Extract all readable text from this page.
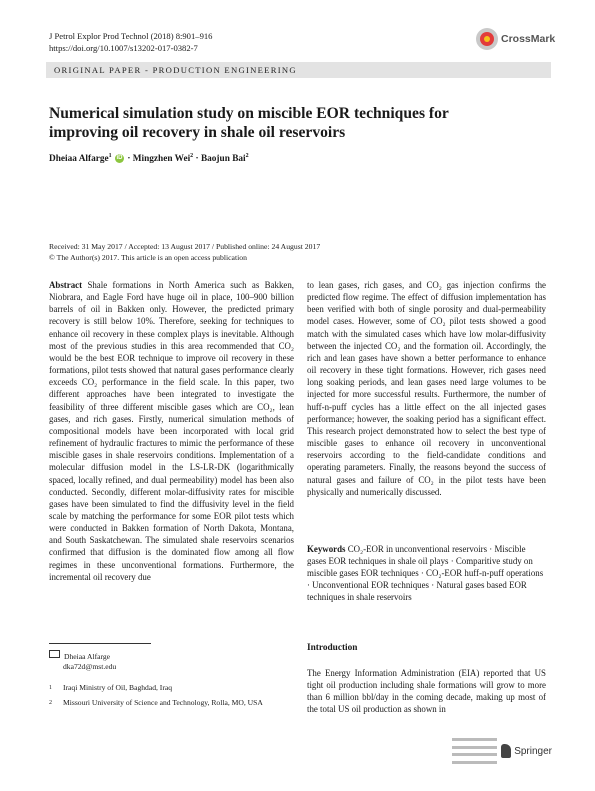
J Petrol Explor Prod Technol (2018) 8:901–916
https://doi.org/10.1007/s13202-017-0382-7
CrossMark
ORIGINAL PAPER - PRODUCTION ENGINEERING
Numerical simulation study on miscible EOR techniques for improving oil recovery in shale oil reservoirs
Dheiaa Alfarge$^1$ iD · Mingzhen Wei$^2$ · Baojun Bai$^2$
Received: 31 May 2017 / Accepted: 13 August 2017 / Published online: 24 August 2017
© The Author(s) 2017. This article is an open access publication

Abstract Shale formations in North America such as Bakken, Niobrara, and Eagle Ford have huge oil in place, 100–900 billion barrels of oil in Bakken only. However, the predicted primary recovery is still below 10%. Therefore, seeking for techniques to enhance oil recovery in these complex plays is inevitable. Although most of the previous studies in this area recommended that CO₂ would be the best EOR technique to improve oil recovery in these formations, pilot tests showed that natural gases performance clearly exceeds CO₂ performance in the field scale. In this paper, two different approaches have been integrated to investigate the feasibility of three different miscible gases which are CO₂, lean gases, and rich gases. Firstly, numerical simulation methods of compositional models have been incorporated with local grid refinement of hydraulic fractures to mimic the performance of these miscible gases in shale reservoirs conditions. Implementation of a molecular diffusion model in the LS-LR-DK (logarithmically spaced, locally refined, and dual permeability) model has been also conducted. Secondly, different molar-diffusivity rates for miscible gases have been simulated to find the diffusivity level in the field scale by matching the performance for some EOR pilot tests which were conducted in Bakken formation of North Dakota, Montana, and South Saskatchewan. The simulated shale reservoirs scenarios confirmed that diffusion is the dominated flow among all flow regimes in these unconventional formations. Furthermore, the incremental oil recovery due

to lean gases, rich gases, and CO₂ gas injection confirms the predicted flow regime. The effect of diffusion implementation has been verified with both of single porosity and dual-permeability model cases. However, some of CO₂ pilot tests showed a good match with the simulated cases which have low molar-diffusivity between the injected CO₂ and the formation oil. Accordingly, the rich and lean gases have shown a better performance to enhance oil recovery in these tight formations. However, rich gases need long soaking periods, and lean gases need large volumes to be injected for more successful results. Furthermore, the number of huff-n-puff cycles has a little effect on the all injected gases performance; however, the soaking period has a significant effect. This research project demonstrated how to select the best type of miscible gases to enhance oil recovery in unconventional reservoirs according to the field-candidate conditions and operating parameters. Finally, the reasons beyond the success of natural gases and failure of CO₂ in the pilot tests have been physically and numerically discussed.

Keywords CO₂-EOR in unconventional reservoirs · Miscible gases EOR techniques in shale oil plays · Comparitive study on miscible gases EOR techniques · CO₂-EOR huff-n-puff operations · Unconventional EOR techniques · Natural gases based EOR techniques in shale reservoirs
Dheiaa Alfarge
dka72d@mst.edu
1 Iraqi Ministry of Oil, Baghdad, Iraq
2	Missouri University of Science and Technology, Rolla, MO, USA
Introduction
The Energy Information Administration (EIA) reported that US tight oil production including shale formations will grow to more than 6 million bbl/day in the coming decade, making up most of the total US oil production as shown in
Springer
